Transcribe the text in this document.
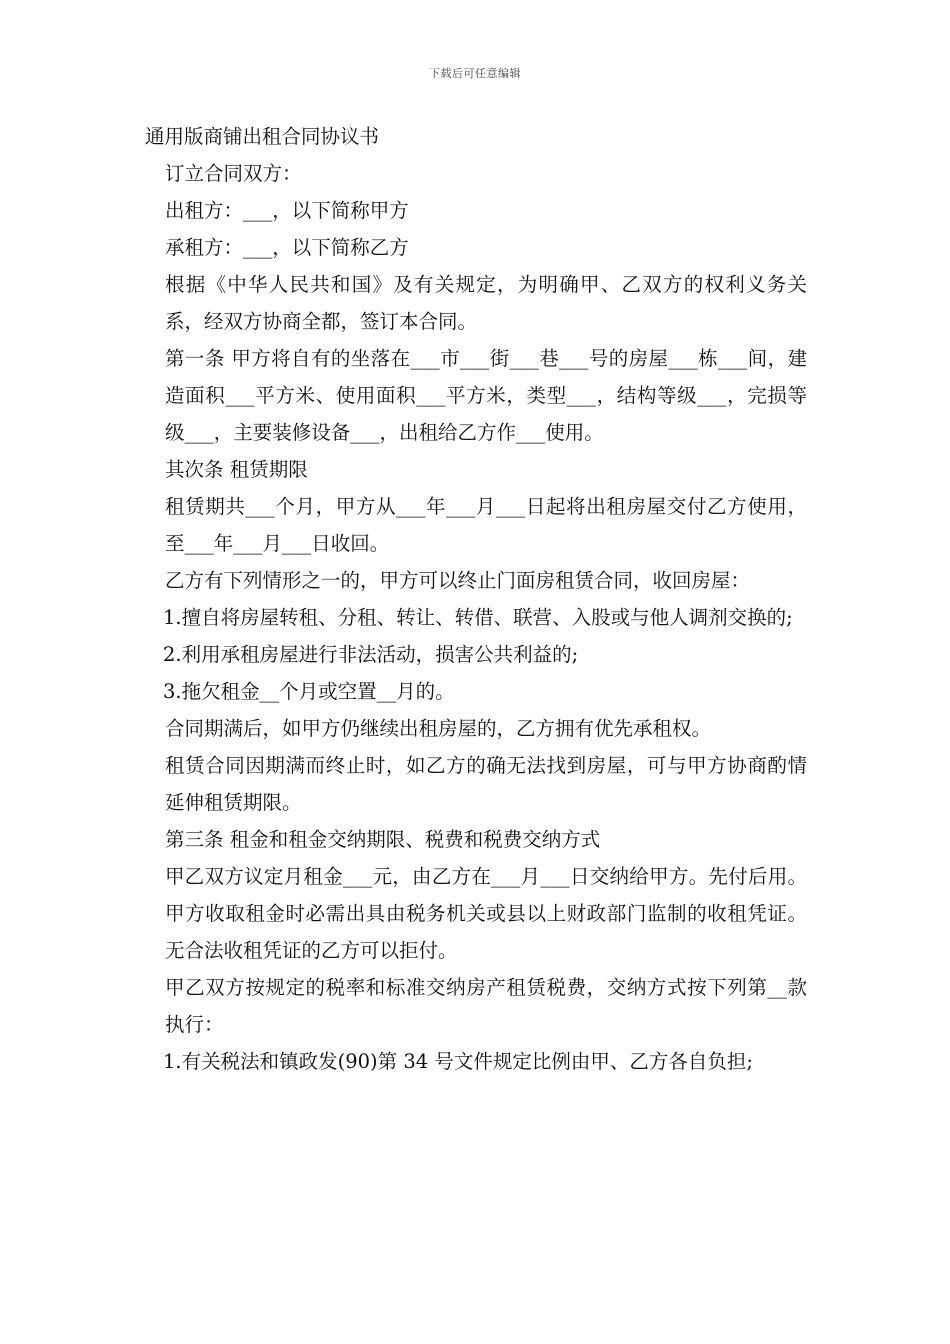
下载后可任意编辑

通用版商铺出租合同协议书

订立合同双方：

出租方：___，以下简称甲方

承租方：___，以下简称乙方

根据《中华人民共和国》及有关规定，为明确甲、乙双方的权利义务关系，经双方协商全都，签订本合同。

第一条 甲方将自有的坐落在___市___街___巷___号的房屋___栋___间，建造面积___平方米、使用面积___平方米，类型___，结构等级___，完损等级___，主要装修设备___，出租给乙方作___使用。

其次条 租赁期限

租赁期共___个月，甲方从___年___月___日起将出租房屋交付乙方使用，至___年___月___日收回。

乙方有下列情形之一的，甲方可以终止门面房租赁合同，收回房屋：

1.擅自将房屋转租、分租、转让、转借、联营、入股或与他人调剂交换的;

2.利用承租房屋进行非法活动，损害公共利益的;

3.拖欠租金__个月或空置__月的。

合同期满后，如甲方仍继续出租房屋的，乙方拥有优先承租权。

租赁合同因期满而终止时，如乙方的确无法找到房屋，可与甲方协商酌情延伸租赁期限。

第三条 租金和租金交纳期限、税费和税费交纳方式

甲乙双方议定月租金___元，由乙方在___月___日交纳给甲方。先付后用。甲方收取租金时必需出具由税务机关或县以上财政部门监制的收租凭证。无合法收租凭证的乙方可以拒付。

甲乙双方按规定的税率和标准交纳房产租赁税费，交纳方式按下列第__款执行：

1.有关税法和镇政发(90)第 34 号文件规定比例由甲、乙方各自负担;
